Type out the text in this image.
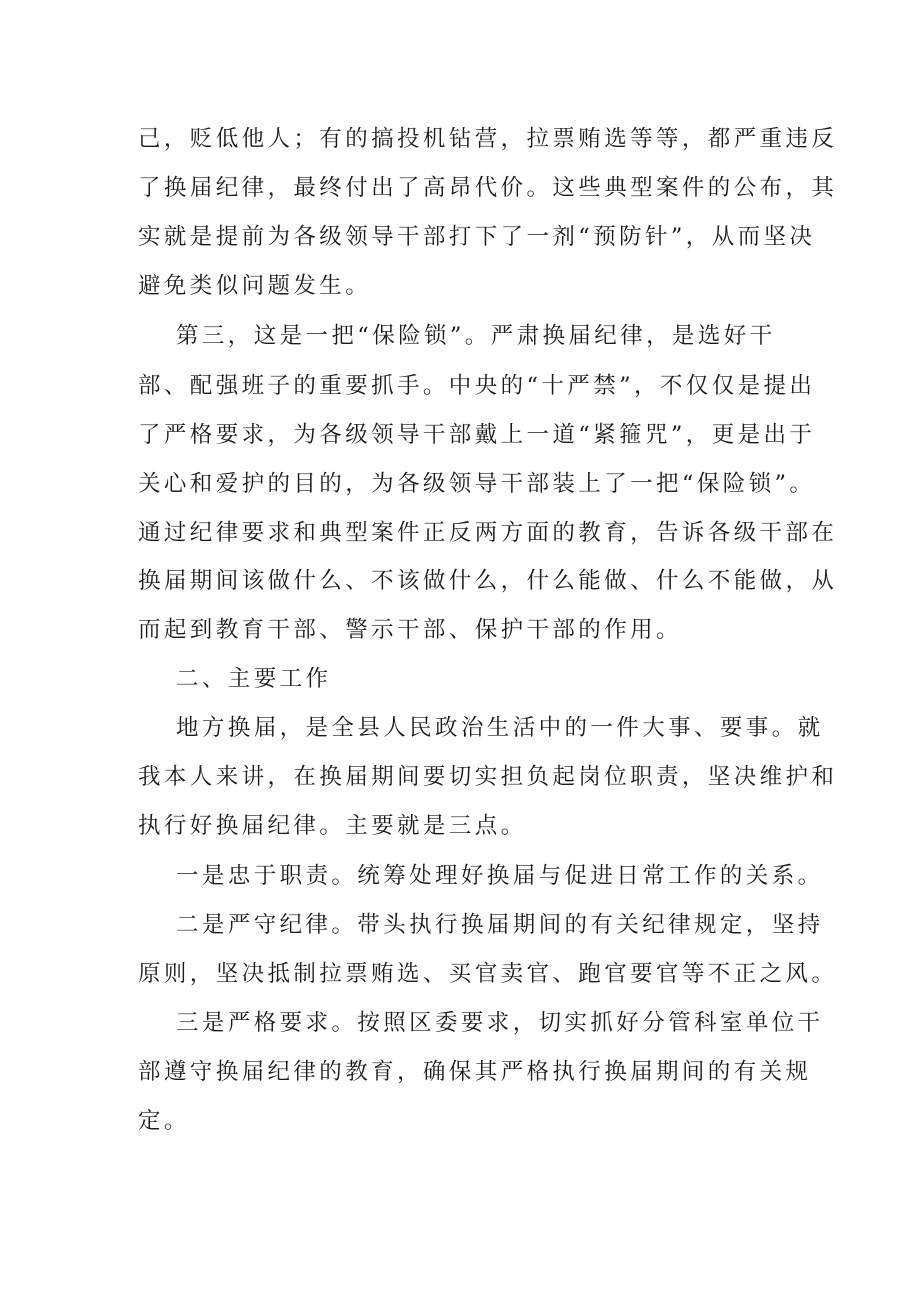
己，贬低他人；有的搞投机钻营，拉票贿选等等，都严重违反
了换届纪律，最终付出了高昂代价。这些典型案件的公布，其
实就是提前为各级领导干部打下了一剂“预防针”，从而坚决
避免类似问题发生。
第三，这是一把“保险锁”。严肃换届纪律，是选好干
部、配强班子的重要抓手。中央的“十严禁”，不仅仅是提出
了严格要求，为各级领导干部戴上一道“紧箍咒”，更是出于
关心和爱护的目的，为各级领导干部装上了一把“保险锁”。
通过纪律要求和典型案件正反两方面的教育，告诉各级干部在
换届期间该做什么、不该做什么，什么能做、什么不能做，从
而起到教育干部、警示干部、保护干部的作用。
二、主要工作
地方换届，是全县人民政治生活中的一件大事、要事。就
我本人来讲，在换届期间要切实担负起岗位职责，坚决维护和
执行好换届纪律。主要就是三点。
一是忠于职责。统筹处理好换届与促进日常工作的关系。
二是严守纪律。带头执行换届期间的有关纪律规定，坚持
原则，坚决抵制拉票贿选、买官卖官、跑官要官等不正之风。
三是严格要求。按照区委要求，切实抓好分管科室单位干
部遵守换届纪律的教育，确保其严格执行换届期间的有关规
定。
